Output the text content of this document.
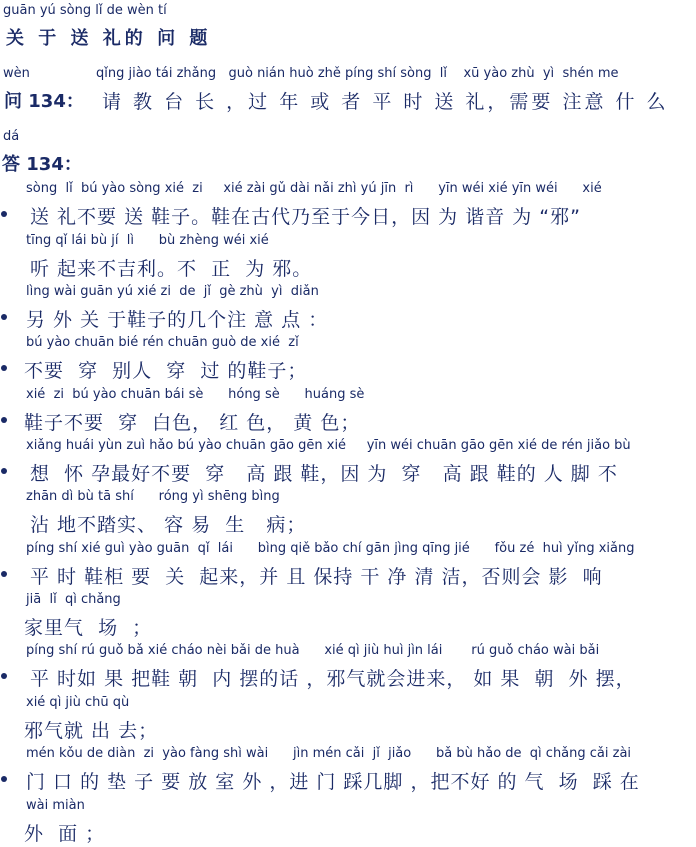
guān yú sòng lǐ de wèn tí
关 于 送 礼的 问 题
wèn	qǐng jiào tái zhǎng   guò nián huò zhě píng shí sòng  lǐ    xū yào zhù  yì  shén me
问 134： 请 教 台 长 ，过 年 或 者 平 时 送 礼，需要 注意 什 么
dá
答 134：
sòng  lǐ  bú yào sòng xié  zi     xié zài gǔ dài nǎi zhì yú jīn  rì      yīn wéi xié yīn wéi      xié
送 礼不要 送 鞋子。鞋在古代乃至于今日，因 为 谐音 为 “邪”
tīng qǐ lái bù jí  lì      bù zhèng wéi xié
听 起来不吉利。不  正  为 邪。
lìng wài guān yú xié zi  de  jǐ  gè zhù  yì  diǎn
另 外 关 于鞋子的几个注 意 点 ：
bú yào chuān bié rén chuān guò de xié  zǐ
不要  穿  别人  穿  过 的鞋子；
xié  zi  bú yào chuān bái sè      hóng sè      huáng sè
鞋子不要  穿  白色， 红 色， 黄 色；
xiǎng huái yùn zuì hǎo bú yào chuān gāo gēn xié     yīn wéi chuān gāo gēn xié de rén jiǎo bù
想  怀 孕最好不要  穿   高 跟 鞋，因 为  穿   高 跟 鞋的 人 脚 不
zhān dì bù tā shí      róng yì shēng bìng
沾 地不踏实、 容 易  生   病；
píng shí xié guì yào guān  qǐ  lái      bìng qiě bǎo chí gān jìng qīng jié      fǒu zé  huì yǐng xiǎng
平 时 鞋柜 要  关  起来，并 且 保持 干 净 清 洁，否则会 影  响
jiā  lǐ  qì chǎng
家里气  场  ；
píng shí rú guǒ bǎ xié cháo nèi bǎi de huà      xié qì jiù huì jìn lái       rú guǒ cháo wài bǎi
平 时如 果 把鞋 朝  内 摆的话 ，邪气就会进来， 如 果  朝  外 摆，
xié qì jiù chū qù
邪气就 出 去；
mén kǒu de diàn  zi  yào fàng shì wài      jìn mén cǎi  jǐ  jiǎo      bǎ bù hǎo de  qì chǎng cǎi zài
门 口 的 垫 子 要 放 室 外 ，进 门 踩几脚 ，把不好 的 气  场  踩 在
wài miàn
外  面 ；
